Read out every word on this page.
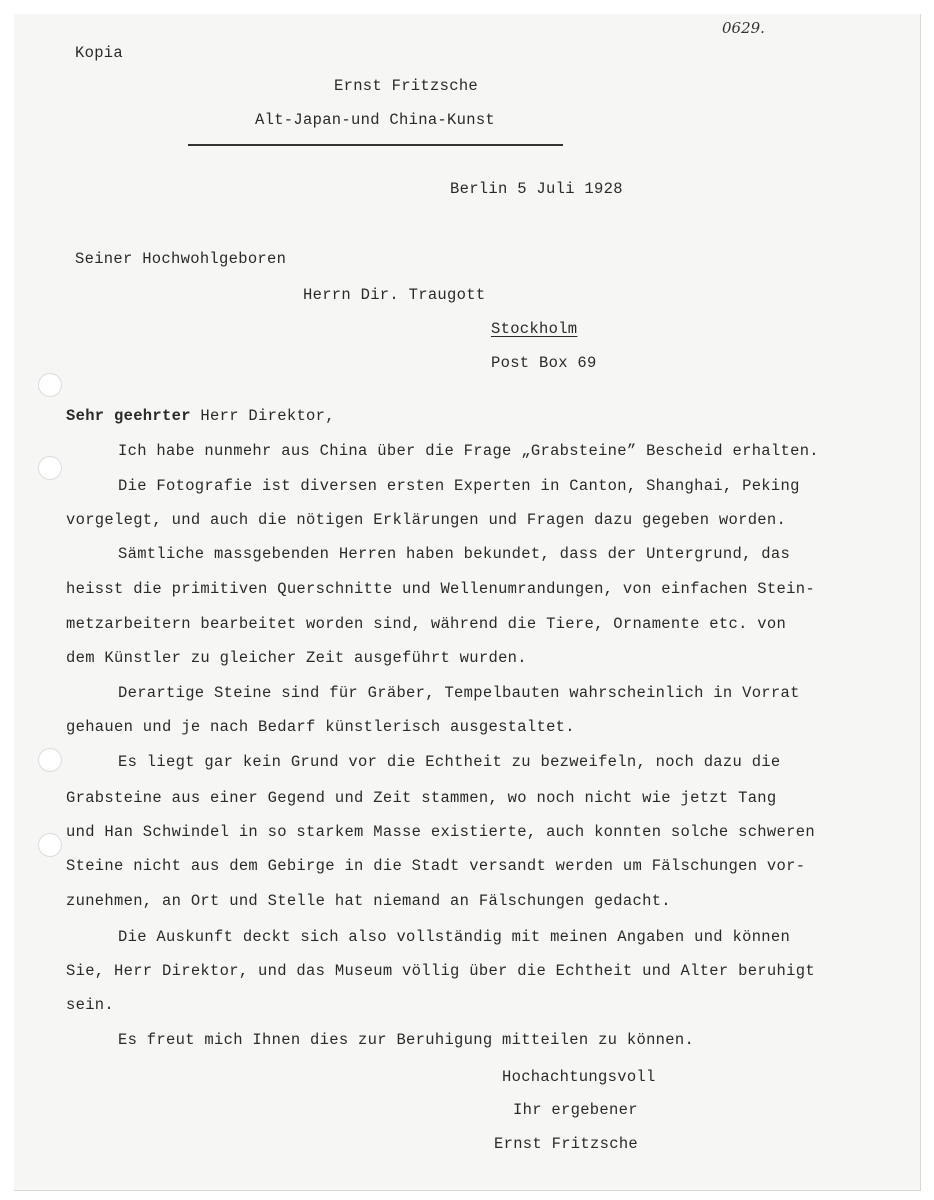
Kopia
0629.
Ernst Fritzsche
Alt-Japan-und China-Kunst
Berlin 5 Juli 1928
Seiner Hochwohlgeboren
Herrn Dir. Traugott
Stockholm
Post Box 69
Sehr geehrter Herr Direktor,
Ich habe nunmehr aus China über die Frage „Grabsteine” Bescheid erhalten.
Die Fotografie ist diversen ersten Experten in Canton, Shanghai, Peking
vorgelegt, und auch die nötigen Erklärungen und Fragen dazu gegeben worden.
Sämtliche massgebenden Herren haben bekundet, dass der Untergrund, das
heisst die primitiven Querschnitte und Wellenumrandungen, von einfachen Stein-
metzarbeitern bearbeitet worden sind, während die Tiere, Ornamente etc. von
dem Künstler zu gleicher Zeit ausgeführt wurden.
Derartige Steine sind für Gräber, Tempelbauten wahrscheinlich in Vorrat
gehauen und je nach Bedarf künstlerisch ausgestaltet.
Es liegt gar kein Grund vor die Echtheit zu bezweifeln, noch dazu die
Grabsteine aus einer Gegend und Zeit stammen, wo noch nicht wie jetzt Tang
und Han Schwindel in so starkem Masse existierte, auch konnten solche schweren
Steine nicht aus dem Gebirge in die Stadt versandt werden um Fälschungen vor-
zunehmen, an Ort und Stelle hat niemand an Fälschungen gedacht.
Die Auskunft deckt sich also vollständig mit meinen Angaben und können
Sie, Herr Direktor, und das Museum völlig über die Echtheit und Alter beruhigt
sein.
Es freut mich Ihnen dies zur Beruhigung mitteilen zu können.
Hochachtungsvoll
Ihr ergebener
Ernst Fritzsche
